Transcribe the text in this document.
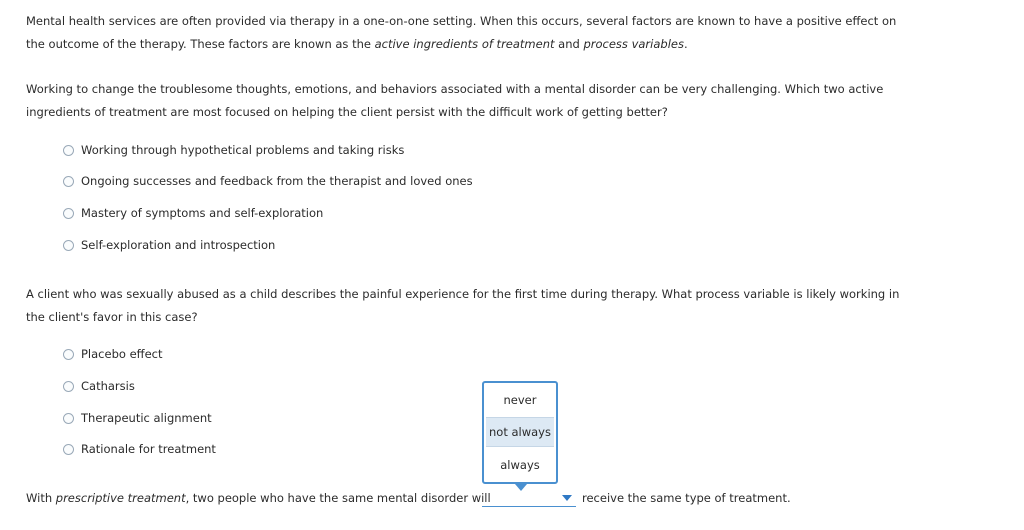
Mental health services are often provided via therapy in a one-on-one setting. When this occurs, several factors are known to have a positive effect on the outcome of the therapy. These factors are known as the active ingredients of treatment and process variables.

Working to change the troublesome thoughts, emotions, and behaviors associated with a mental disorder can be very challenging. Which two active ingredients of treatment are most focused on helping the client persist with the difficult work of getting better?

Working through hypothetical problems and taking risks
Ongoing successes and feedback from the therapist and loved ones
Mastery of symptoms and self-exploration
Self-exploration and introspection

A client who was sexually abused as a child describes the painful experience for the first time during therapy. What process variable is likely working in the client's favor in this case?

Placebo effect
Catharsis
Therapeutic alignment
Rationale for treatment
never
not always
always
With prescriptive treatment, two people who have the same mental disorder will	receive the same type of treatment.
